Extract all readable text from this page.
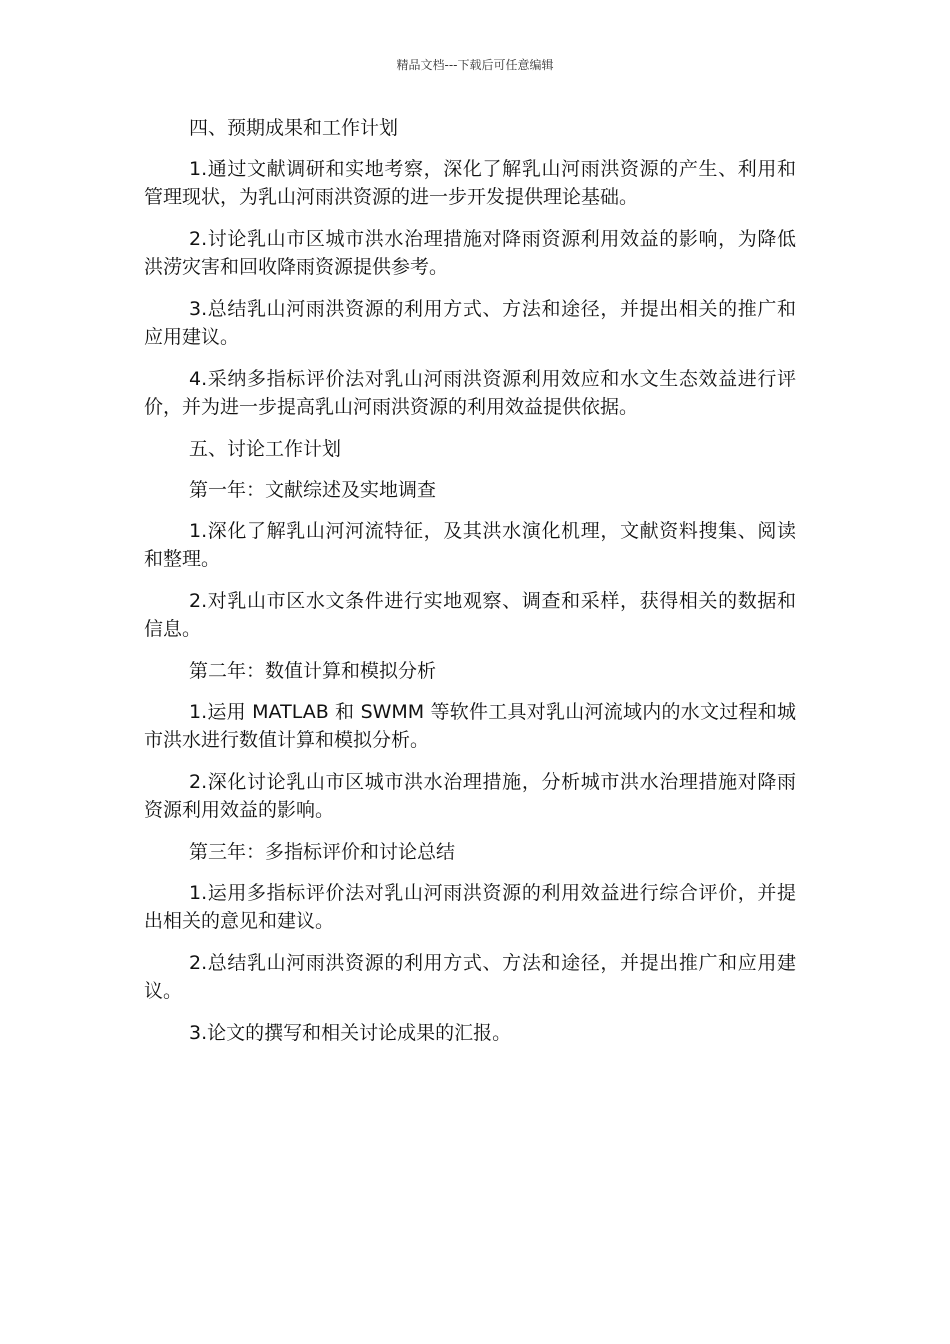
精品文档---下载后可任意编辑

四、预期成果和工作计划

1.通过文献调研和实地考察，深化了解乳山河雨洪资源的产生、利用和管理现状，为乳山河雨洪资源的进一步开发提供理论基础。

2.讨论乳山市区城市洪水治理措施对降雨资源利用效益的影响，为降低洪涝灾害和回收降雨资源提供参考。

3.总结乳山河雨洪资源的利用方式、方法和途径，并提出相关的推广和应用建议。

4.采纳多指标评价法对乳山河雨洪资源利用效应和水文生态效益进行评价，并为进一步提高乳山河雨洪资源的利用效益提供依据。

五、讨论工作计划

第一年：文献综述及实地调查

1.深化了解乳山河河流特征，及其洪水演化机理，文献资料搜集、阅读和整理。

2.对乳山市区水文条件进行实地观察、调查和采样，获得相关的数据和信息。

第二年：数值计算和模拟分析

1.运用 MATLAB 和 SWMM 等软件工具对乳山河流域内的水文过程和城市洪水进行数值计算和模拟分析。

2.深化讨论乳山市区城市洪水治理措施，分析城市洪水治理措施对降雨资源利用效益的影响。

第三年：多指标评价和讨论总结

1.运用多指标评价法对乳山河雨洪资源的利用效益进行综合评价，并提出相关的意见和建议。

2.总结乳山河雨洪资源的利用方式、方法和途径，并提出推广和应用建议。

3.论文的撰写和相关讨论成果的汇报。
